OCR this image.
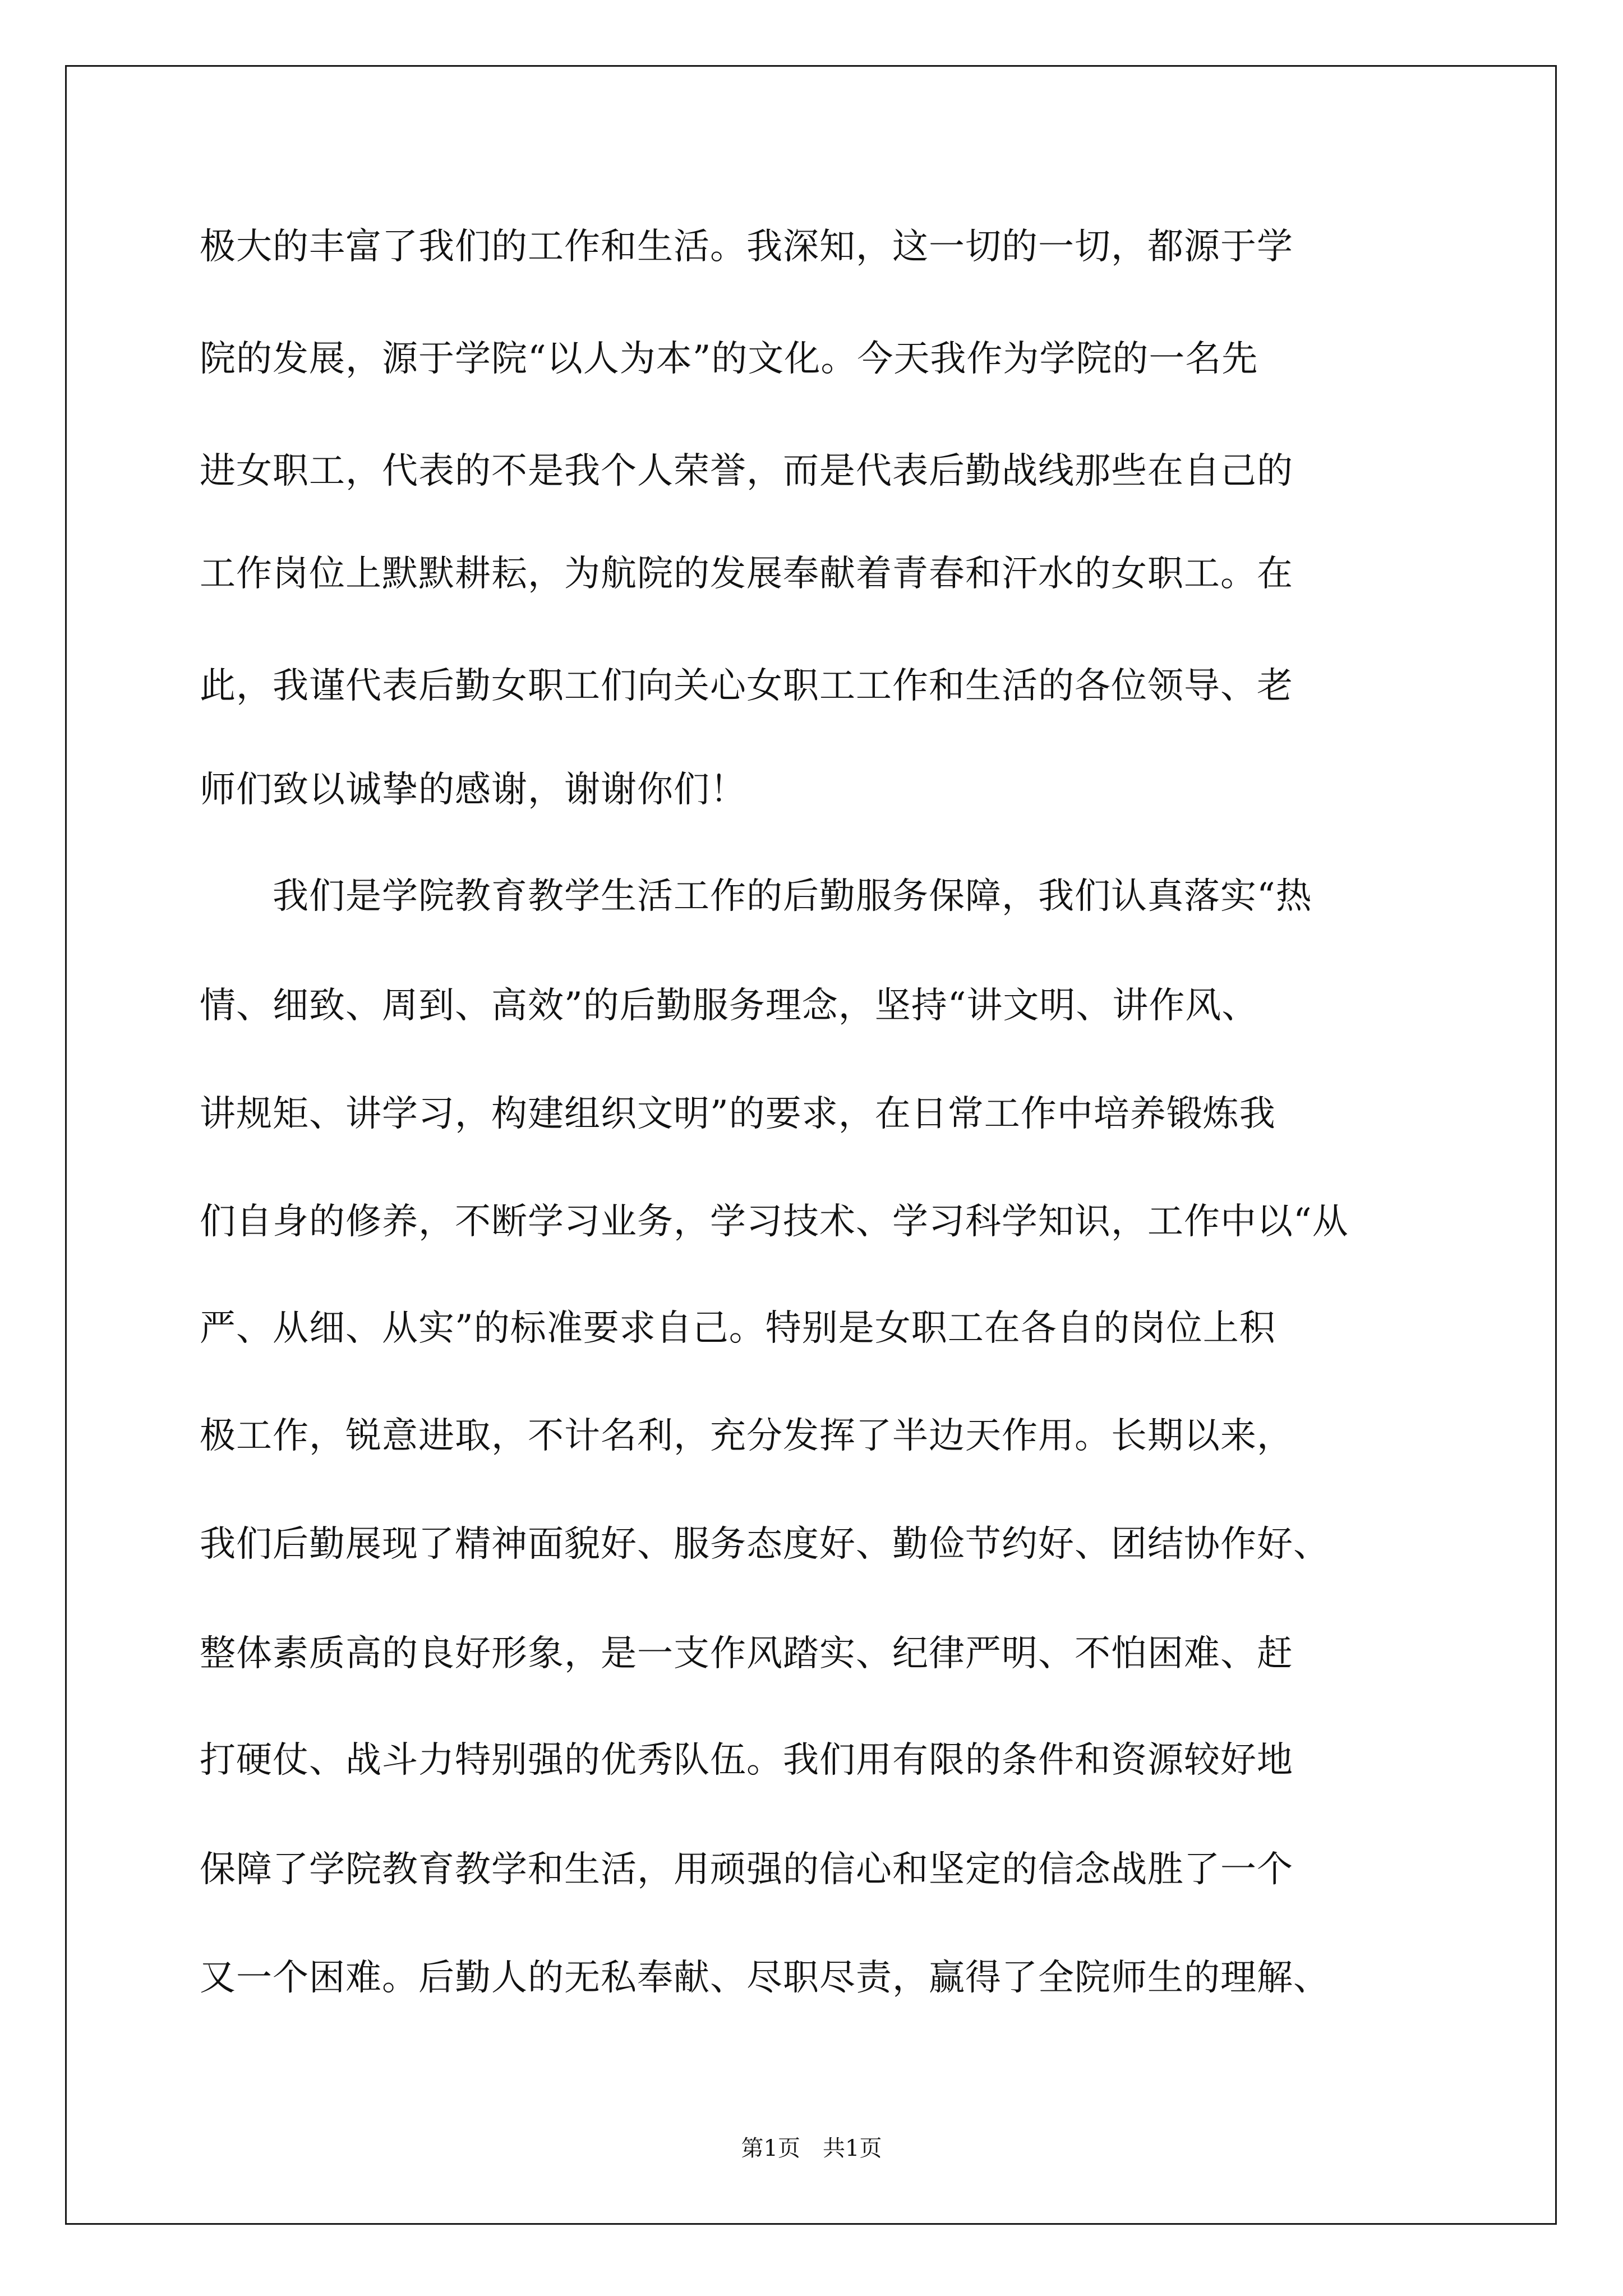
极大的丰富了我们的工作和生活。我深知，这一切的一切，都源于学

院的发展，源于学院“以人为本”的文化。今天我作为学院的一名先

进女职工，代表的不是我个人荣誉，而是代表后勤战线那些在自己的

工作岗位上默默耕耘，为航院的发展奉献着青春和汗水的女职工。在

此，我谨代表后勤女职工们向关心女职工工作和生活的各位领导、老

师们致以诚挚的感谢，谢谢你们！

　　我们是学院教育教学生活工作的后勤服务保障，我们认真落实“热

情、细致、周到、高效”的后勤服务理念，坚持“讲文明、讲作风、

讲规矩、讲学习，构建组织文明”的要求，在日常工作中培养锻炼我

们自身的修养，不断学习业务，学习技术、学习科学知识，工作中以“从

严、从细、从实”的标准要求自己。特别是女职工在各自的岗位上积

极工作，锐意进取，不计名利，充分发挥了半边天作用。长期以来，

我们后勤展现了精神面貌好、服务态度好、勤俭节约好、团结协作好、

整体素质高的良好形象，是一支作风踏实、纪律严明、不怕困难、赶

打硬仗、战斗力特别强的优秀队伍。我们用有限的条件和资源较好地

保障了学院教育教学和生活，用顽强的信心和坚定的信念战胜了一个

又一个困难。后勤人的无私奉献、尽职尽责，赢得了全院师生的理解、

第1页　共1页
